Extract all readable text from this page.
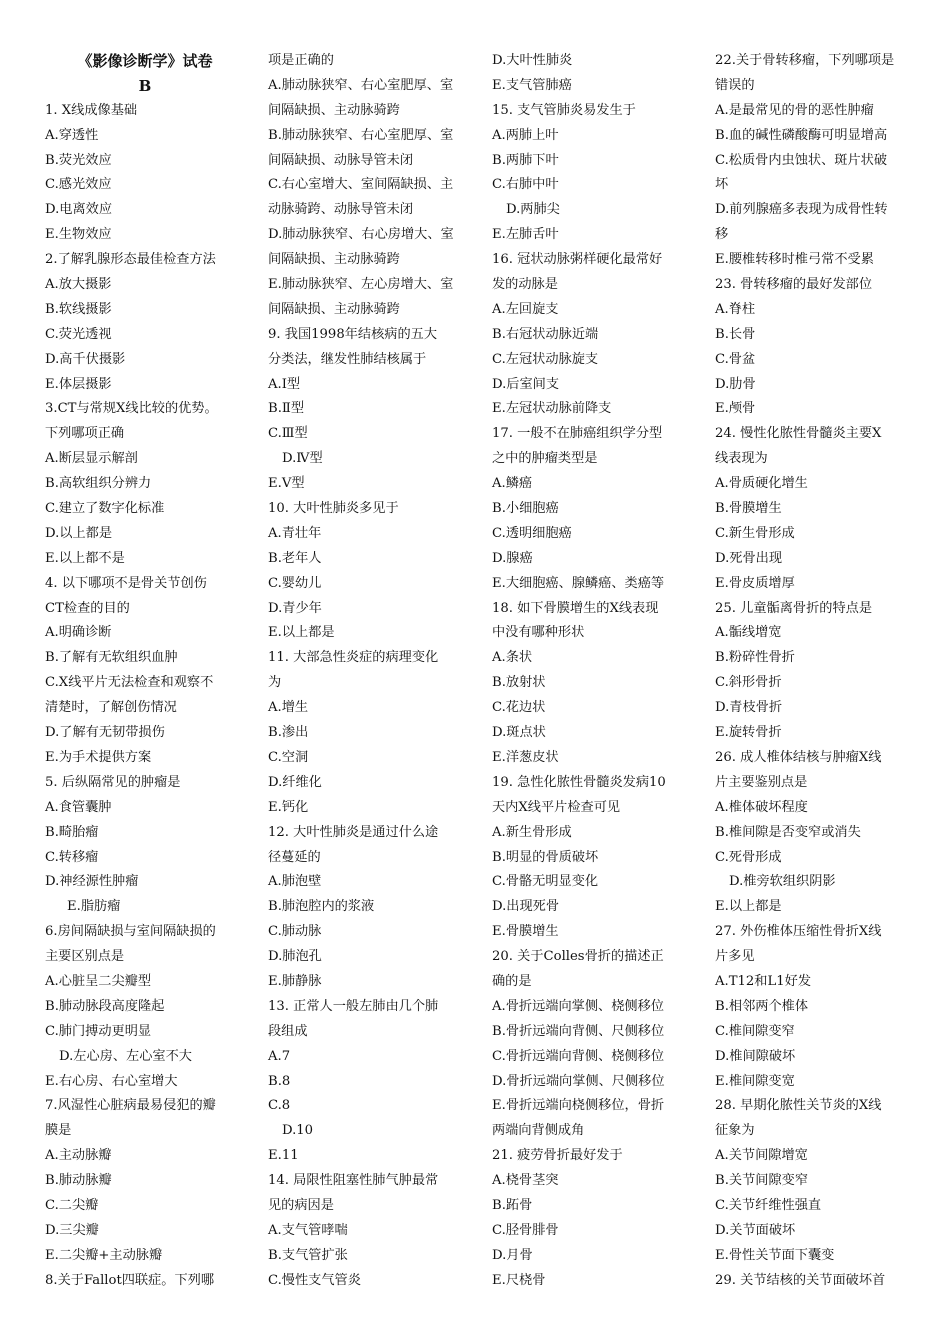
《影像诊断学》试卷
B
1. X线成像基础
A.穿透性
B.荧光效应
C.感光效应
D.电离效应
E.生物效应
2.了解乳腺形态最佳检查方法
A.放大摄影
B.软线摄影
C.荧光透视
D.高千伏摄影
E.体层摄影
3.CT与常规X线比较的优势。
下列哪项正确
A.断层显示解剖
B.高软组织分辨力
C.建立了数字化标准
D.以上都是
E.以上都不是
4. 以下哪项不是骨关节创伤
CT检查的目的
A.明确诊断
B.了解有无软组织血肿
C.X线平片无法检查和观察不
清楚时，了解创伤情况
D.了解有无韧带损伤
E.为手术提供方案
5. 后纵隔常见的肿瘤是
A.食管囊肿
B.畸胎瘤
C.转移瘤
D.神经源性肿瘤
E.脂肪瘤
6.房间隔缺损与室间隔缺损的
主要区别点是
A.心脏呈二尖瓣型
B.肺动脉段高度隆起
C.肺门搏动更明显
D.左心房、左心室不大
E.右心房、右心室增大
7.风湿性心脏病最易侵犯的瓣
膜是
A.主动脉瓣
B.肺动脉瓣
C.二尖瓣
D.三尖瓣
E.二尖瓣+主动脉瓣
8.关于Fallot四联症。下列哪
项是正确的
A.肺动脉狭窄、右心室肥厚、室
间隔缺损、主动脉骑跨
B.肺动脉狭窄、右心室肥厚、室
间隔缺损、动脉导管未闭
C.右心室增大、室间隔缺损、主
动脉骑跨、动脉导管未闭
D.肺动脉狭窄、右心房增大、室
间隔缺损、主动脉骑跨
E.肺动脉狭窄、左心房增大、室
间隔缺损、主动脉骑跨
9. 我国1998年结核病的五大
分类法，继发性肺结核属于
A.Ⅰ型
B.Ⅱ型
C.Ⅲ型
D.Ⅳ型
E.Ⅴ型
10. 大叶性肺炎多见于
A.青壮年
B.老年人
C.婴幼儿
D.青少年
E.以上都是
11. 大部急性炎症的病理变化
为
A.增生
B.渗出
C.空洞
D.纤维化
E.钙化
12. 大叶性肺炎是通过什么途
径蔓延的
A.肺泡壁
B.肺泡腔内的浆液
C.肺动脉
D.肺泡孔
E.肺静脉
13. 正常人一般左肺由几个肺
段组成
A.7
B.8
C.8
D.10
E.11
14. 局限性阻塞性肺气肿最常
见的病因是
A.支气管哮喘
B.支气管扩张
C.慢性支气管炎
D.大叶性肺炎
E.支气管肺癌
15. 支气管肺炎易发生于
A.两肺上叶
B.两肺下叶
C.右肺中叶
D.两肺尖
E.左肺舌叶
16. 冠状动脉粥样硬化最常好
发的动脉是
A.左回旋支
B.右冠状动脉近端
C.左冠状动脉旋支
D.后室间支
E.左冠状动脉前降支
17. 一般不在肺癌组织学分型
之中的肿瘤类型是
A.鳞癌
B.小细胞癌
C.透明细胞癌
D.腺癌
E.大细胞癌、腺鳞癌、类癌等
18. 如下骨膜增生的X线表现
中没有哪种形状
A.条状
B.放射状
C.花边状
D.斑点状
E.洋葱皮状
19. 急性化脓性骨髓炎发病10
天内X线平片检查可见
A.新生骨形成
B.明显的骨质破坏
C.骨骼无明显变化
D.出现死骨
E.骨膜增生
20. 关于Colles骨折的描述正
确的是
A.骨折远端向掌侧、桡侧移位
B.骨折远端向背侧、尺侧移位
C.骨折远端向背侧、桡侧移位
D.骨折远端向掌侧、尺侧移位
E.骨折远端向桡侧移位，骨折
两端向背侧成角
21. 疲劳骨折最好发于
A.桡骨茎突
B.跖骨
C.胫骨腓骨
D.月骨
E.尺桡骨
22.关于骨转移瘤，下列哪项是
错误的
A.是最常见的骨的恶性肿瘤
B.血的碱性磷酸酶可明显增高
C.松质骨内虫蚀状、斑片状破
坏
D.前列腺癌多表现为成骨性转
移
E.腰椎转移时椎弓常不受累
23. 骨转移瘤的最好发部位
A.脊柱
B.长骨
C.骨盆
D.肋骨
E.颅骨
24. 慢性化脓性骨髓炎主要X
线表现为
A.骨质硬化增生
B.骨膜增生
C.新生骨形成
D.死骨出现
E.骨皮质增厚
25. 儿童骺离骨折的特点是
A.骺线增宽
B.粉碎性骨折
C.斜形骨折
D.青枝骨折
E.旋转骨折
26. 成人椎体结核与肿瘤X线
片主要鉴别点是
A.椎体破坏程度
B.椎间隙是否变窄或消失
C.死骨形成
D.椎旁软组织阴影
E.以上都是
27. 外伤椎体压缩性骨折X线
片多见
A.T12和L1好发
B.相邻两个椎体
C.椎间隙变窄
D.椎间隙破坏
E.椎间隙变宽
28. 早期化脓性关节炎的X线
征象为
A.关节间隙增宽
B.关节间隙变窄
C.关节纤维性强直
D.关节面破坏
E.骨性关节面下囊变
29. 关节结核的关节面破坏首
